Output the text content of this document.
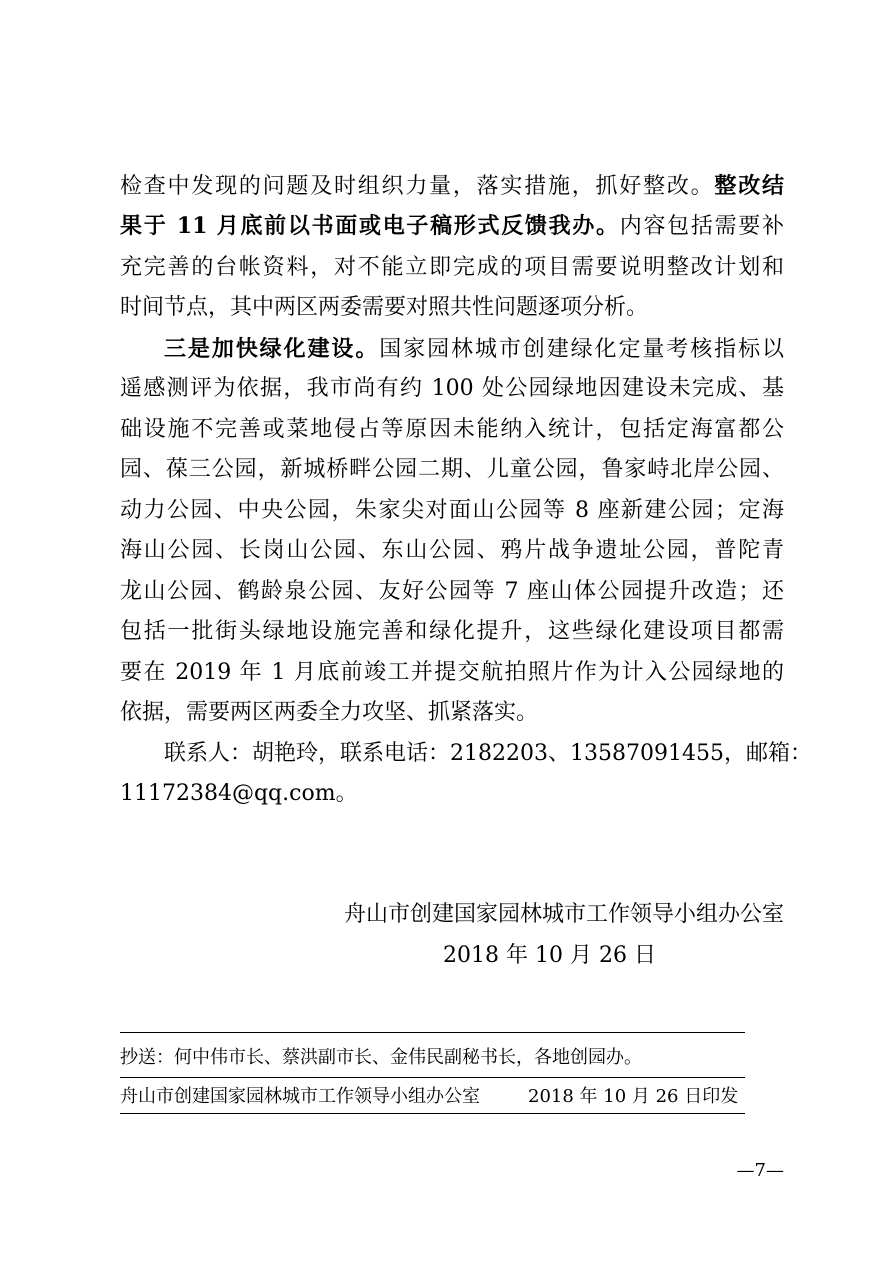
检查中发现的问题及时组织力量，落实措施，抓好整改。整改结
果于 11 月底前以书面或电子稿形式反馈我办。内容包括需要补
充完善的台帐资料，对不能立即完成的项目需要说明整改计划和
时间节点，其中两区两委需要对照共性问题逐项分析。
三是加快绿化建设。国家园林城市创建绿化定量考核指标以
遥感测评为依据，我市尚有约 100 处公园绿地因建设未完成、基
础设施不完善或菜地侵占等原因未能纳入统计，包括定海富都公
园、葆三公园，新城桥畔公园二期、儿童公园，鲁家峙北岸公园、
动力公园、中央公园，朱家尖对面山公园等 8 座新建公园；定海
海山公园、长岗山公园、东山公园、鸦片战争遗址公园，普陀青
龙山公园、鹤龄泉公园、友好公园等 7 座山体公园提升改造；还
包括一批街头绿地设施完善和绿化提升，这些绿化建设项目都需
要在 2019 年 1 月底前竣工并提交航拍照片作为计入公园绿地的
依据，需要两区两委全力攻坚、抓紧落实。
联系人：胡艳玲，联系电话：2182203、13587091455，邮箱：
11172384@qq.com。
舟山市创建国家园林城市工作领导小组办公室
2018 年 10 月 26 日
抄送：何中伟市长、蔡洪副市长、金伟民副秘书长，各地创园办。
舟山市创建国家园林城市工作领导小组办公室	2018 年 10 月 26 日印发
—7—
